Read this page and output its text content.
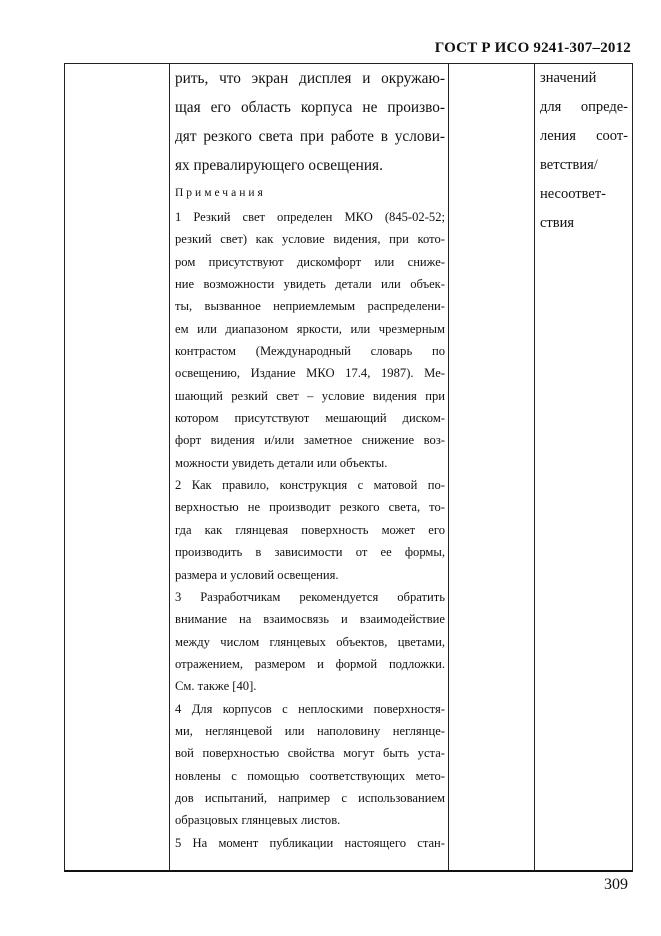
ГОСТ Р ИСО 9241-307–2012
рить, что экран дисплея и окружаю-
щая его область корпуса не произво-
дят резкого света при работе в услови-
ях превалирующего освещения.
Примечания
1 Резкий свет определен МКО (845-02-52;
резкий свет) как условие видения, при кото-
ром присутствуют дискомфорт или сниже-
ние возможности увидеть детали или объек-
ты, вызванное неприемлемым распределени-
ем или диапазоном яркости, или чрезмерным
контрастом (Международный словарь по
освещению, Издание МКО 17.4, 1987). Ме-
шающий резкий свет – условие видения при
котором присутствуют мешающий диском-
форт видения и/или заметное снижение воз-
можности увидеть детали или объекты.
2 Как правило, конструкция с матовой по-
верхностью не производит резкого света, то-
гда как глянцевая поверхность может его
производить в зависимости от ее формы,
размера и условий освещения.
3 Разработчикам рекомендуется обратить
внимание на взаимосвязь и взаимодействие
между числом глянцевых объектов, цветами,
отражением, размером и формой подложки.
См. также [40].
4 Для корпусов с неплоскими поверхностя-
ми, неглянцевой или наполовину неглянце-
вой поверхностью свойства могут быть уста-
новлены с помощью соответствующих мето-
дов испытаний, например с использованием
образцовых глянцевых листов.
5 На момент публикации настоящего стан-
значений
для опреде-
ления соот-
ветствия/
несоответ-
ствия
309
